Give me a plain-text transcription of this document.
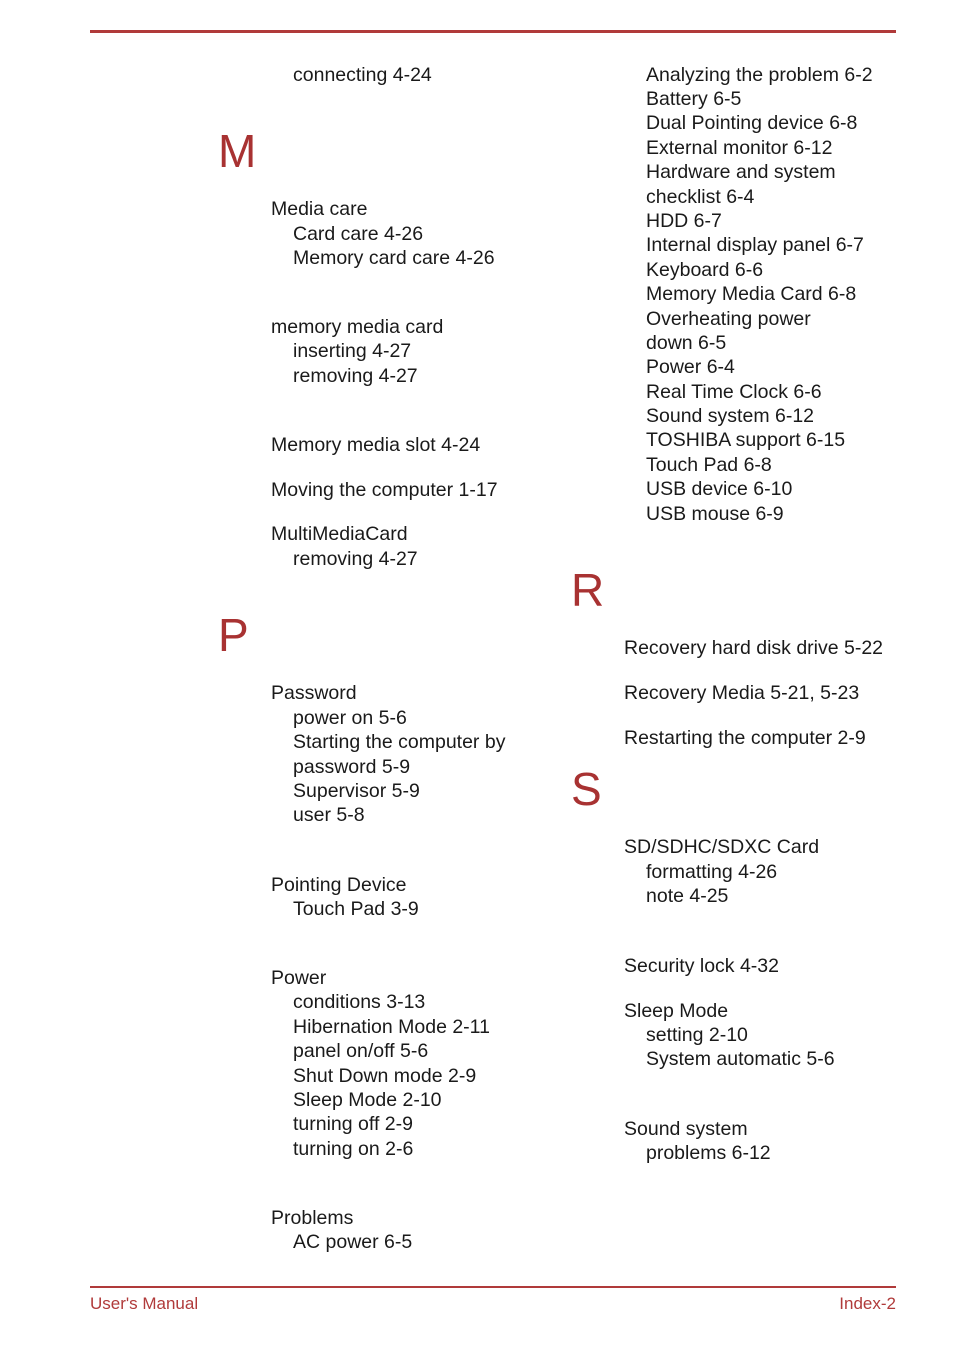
M
P
R
S
connecting 4-24
Media care
Card care 4-26
Memory card care 4-26
memory media card
inserting 4-27
removing 4-27
Memory media slot 4-24
Moving the computer 1-17
MultiMediaCard
removing 4-27
Password
power on 5-6
Starting the computer by
password 5-9
Supervisor 5-9
user 5-8
Pointing Device
Touch Pad 3-9
Power
conditions 3-13
Hibernation Mode 2-11
panel on/off 5-6
Shut Down mode 2-9
Sleep Mode 2-10
turning off 2-9
turning on 2-6
Problems
AC power 6-5
Analyzing the problem 6-2
Battery 6-5
Dual Pointing device 6-8
External monitor 6-12
Hardware and system
checklist 6-4
HDD 6-7
Internal display panel 6-7
Keyboard 6-6
Memory Media Card 6-8
Overheating power
down 6-5
Power 6-4
Real Time Clock 6-6
Sound system 6-12
TOSHIBA support 6-15
Touch Pad 6-8
USB device 6-10
USB mouse 6-9
Recovery hard disk drive 5-22
Recovery Media 5-21, 5-23
Restarting the computer 2-9
SD/SDHC/SDXC Card
formatting 4-26
note 4-25
Security lock 4-32
Sleep Mode
setting 2-10
System automatic 5-6
Sound system
problems 6-12
User's Manual	Index-2
